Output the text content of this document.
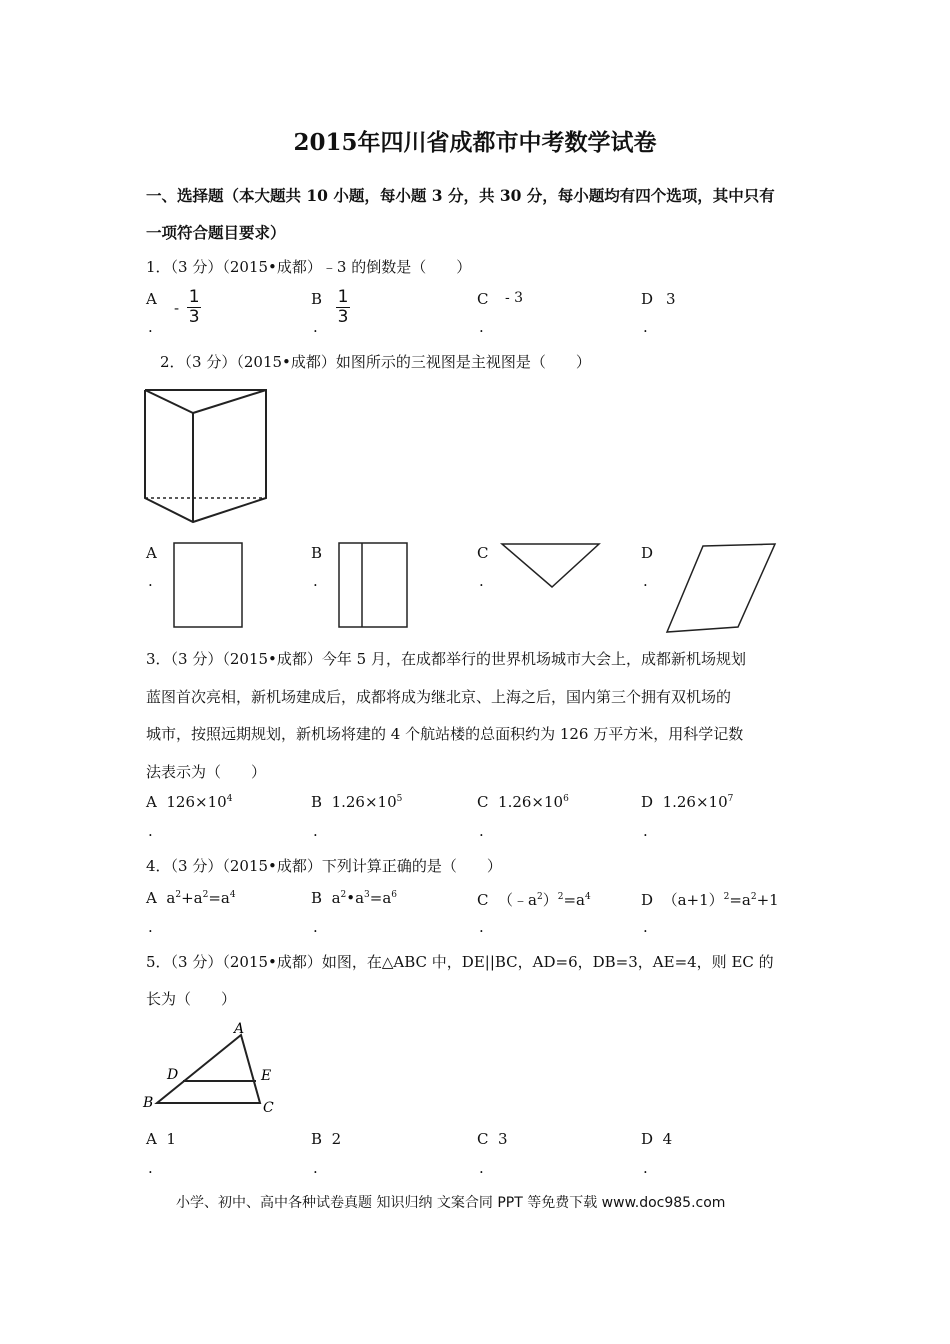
2015年四川省成都市中考数学试卷
一、选择题（本大题共 10 小题，每小题 3 分，共 30 分，每小题均有四个选项，其中只有
一项符合题目要求）
1．（3 分）（2015•成都）﹣3 的倒数是（　　）
A - $\frac{1}{3}$	B $\frac{1}{3}$	C - 3	D 3
.	.	.	.
2．（3 分）（2015•成都）如图所示的三视图是主视图是（　　）
A	B	C	D
.	.	.	.
3．（3 分）（2015•成都）今年 5 月，在成都举行的世界机场城市大会上，成都新机场规划
蓝图首次亮相，新机场建成后，成都将成为继北京、上海之后，国内第三个拥有双机场的
城市，按照远期规划，新机场将建的 4 个航站楼的总面积约为 126 万平方米，用科学记数
法表示为（　　）
A $126\times 10^4$	B $1.26\times 10^5$	C $1.26\times 10^6$	D $1.26\times 10^7$
.	.	.	.
4．（3 分）（2015•成都）下列计算正确的是（　　）
A  $a^2+a^2=a^4$	B  $a^2•a^3=a^6$	C  $(﹣a^2)^2=a^4$	D  $(a+1)^2=a^2+1$
.	.	.	.
5．（3 分）（2015•成都）如图，在△ABC 中，DE||BC，AD=6，DB=3，AE=4，则 EC 的
长为（　　）
A
B	C
D	E
A 1	B 2	C 3	D 4
.	.	.	.
小学、初中、高中各种试卷真题 知识归纳 文案合同 PPT 等免费下载 www.doc985.com
